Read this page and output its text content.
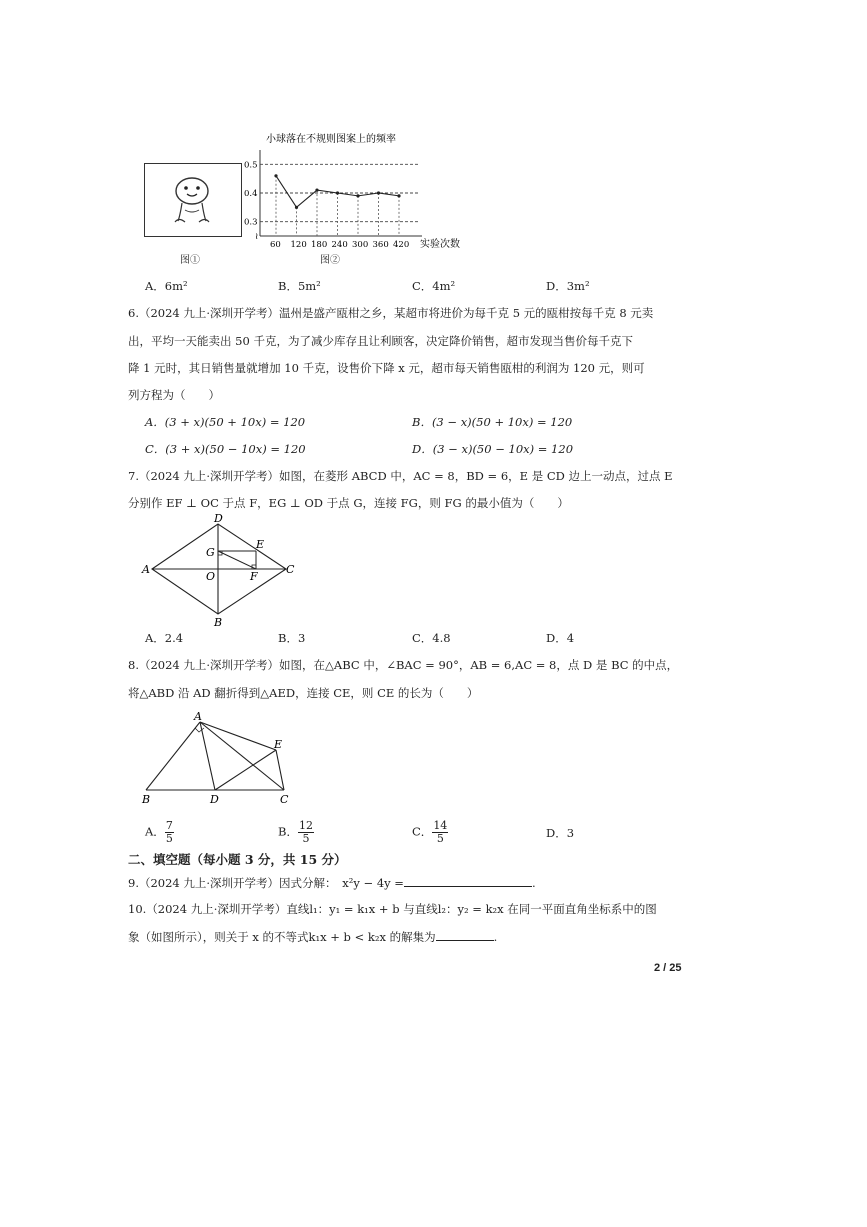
图①
小球落在不规则图案上的频率
0.5
0.4
0.3
60 120 180 240 300 360 420 实验次数
≀
图②
A．6m²	B．5m²	C．4m²	D．3m²
6.（2024 九上·深圳开学考）温州是盛产瓯柑之乡，某超市将进价为每千克 5 元的瓯柑按每千克 8 元卖
出，平均一天能卖出 50 千克，为了减少库存且让利顾客，决定降价销售，超市发现当售价每千克下
降 1 元时，其日销售量就增加 10 千克，设售价下降 x 元，超市每天销售瓯柑的利润为 120 元，则可
列方程为（　　）
A．(3 + x)(50 + 10x) = 120	B．(3 − x)(50 + 10x) = 120
C．(3 + x)(50 − 10x) = 120	D．(3 − x)(50 − 10x) = 120
7.（2024 九上·深圳开学考）如图，在菱形 ABCD 中，AC = 8，BD = 6，E 是 CD 边上一动点，过点 E
分别作 EF ⊥ OC 于点 F，EG ⊥ OD 于点 G，连接 FG，则 FG 的最小值为（　　）
D
G
E
A
O	F
C
B
A．2.4	B．3	C．4.8	D．4
8.（2024 九上·深圳开学考）如图，在△ABC 中，∠BAC = 90°，AB = 6,AC = 8，点 D 是 BC 的中点，
将△ABD 沿 AD 翻折得到△AED，连接 CE，则 CE 的长为（　　）
A
E
B	D	C
A． $\frac{7}{5}$	B． $\frac{12}{5}$	C． $\frac{14}{5}$	D．3
二、填空题（每小题 3 分，共 15 分）
9.（2024 九上·深圳开学考）因式分解：　x²y − 4y =	.
10.（2024 九上·深圳开学考）直线l₁：y₁ = k₁x + b 与直线l₂：y₂ = k₂x 在同一平面直角坐标系中的图
象（如图所示），则关于 x 的不等式k₁x + b < k₂x 的解集为	.
2 / 25
